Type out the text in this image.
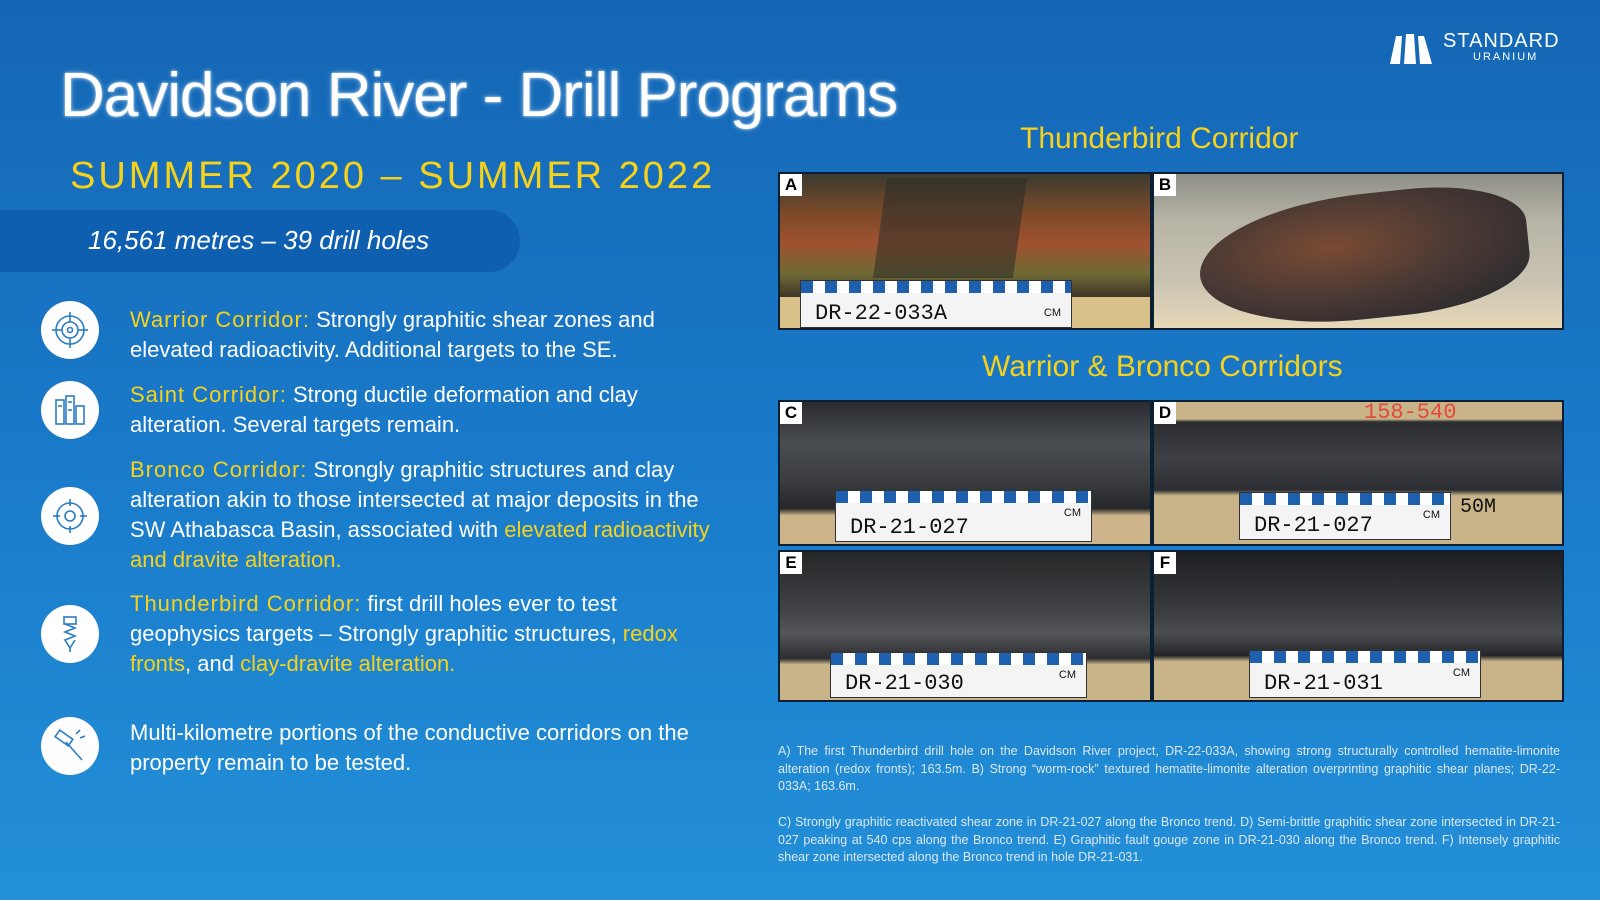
Davidson River - Drill Programs
SUMMER 2020 – SUMMER 2022
16,561 metres – 39 drill holes
STANDARD
URANIUM
Warrior Corridor: Strongly graphitic shear zones and elevated radioactivity. Additional targets to the SE.
Saint Corridor: Strong ductile deformation and clay alteration. Several targets remain.
Bronco Corridor: Strongly graphitic structures and clay alteration akin to those intersected at major deposits in the SW Athabasca Basin, associated with elevated radioactivity and dravite alteration.
Thunderbird Corridor: first drill holes ever to test geophysics targets – Strongly graphitic structures, redox fronts, and clay-dravite alteration.
Multi-kilometre portions of the conductive corridors on the property remain to be tested.
Thunderbird Corridor
Warrior & Bronco Corridors
DR-22-033A	CM
A	B
DR-21-027
CM
C	158-540
DR-21-027	CM 50M
D
DR-21-030	CM
E
DR-21-031	CM
F
A) The first Thunderbird drill hole on the Davidson River project, DR-22-033A, showing strong structurally controlled hematite-limonite alteration (redox fronts); 163.5m. B) Strong “worm-rock” textured hematite-limonite alteration overprinting graphitic shear planes; DR-22-033A; 163.6m.
C) Strongly graphitic reactivated shear zone in DR-21-027 along the Bronco trend. D) Semi-brittle graphitic shear zone intersected in DR-21-027 peaking at 540 cps along the Bronco trend. E) Graphitic fault gouge zone in DR-21-030 along the Bronco trend. F) Intensely graphitic shear zone intersected along the Bronco trend in hole DR-21-031.
